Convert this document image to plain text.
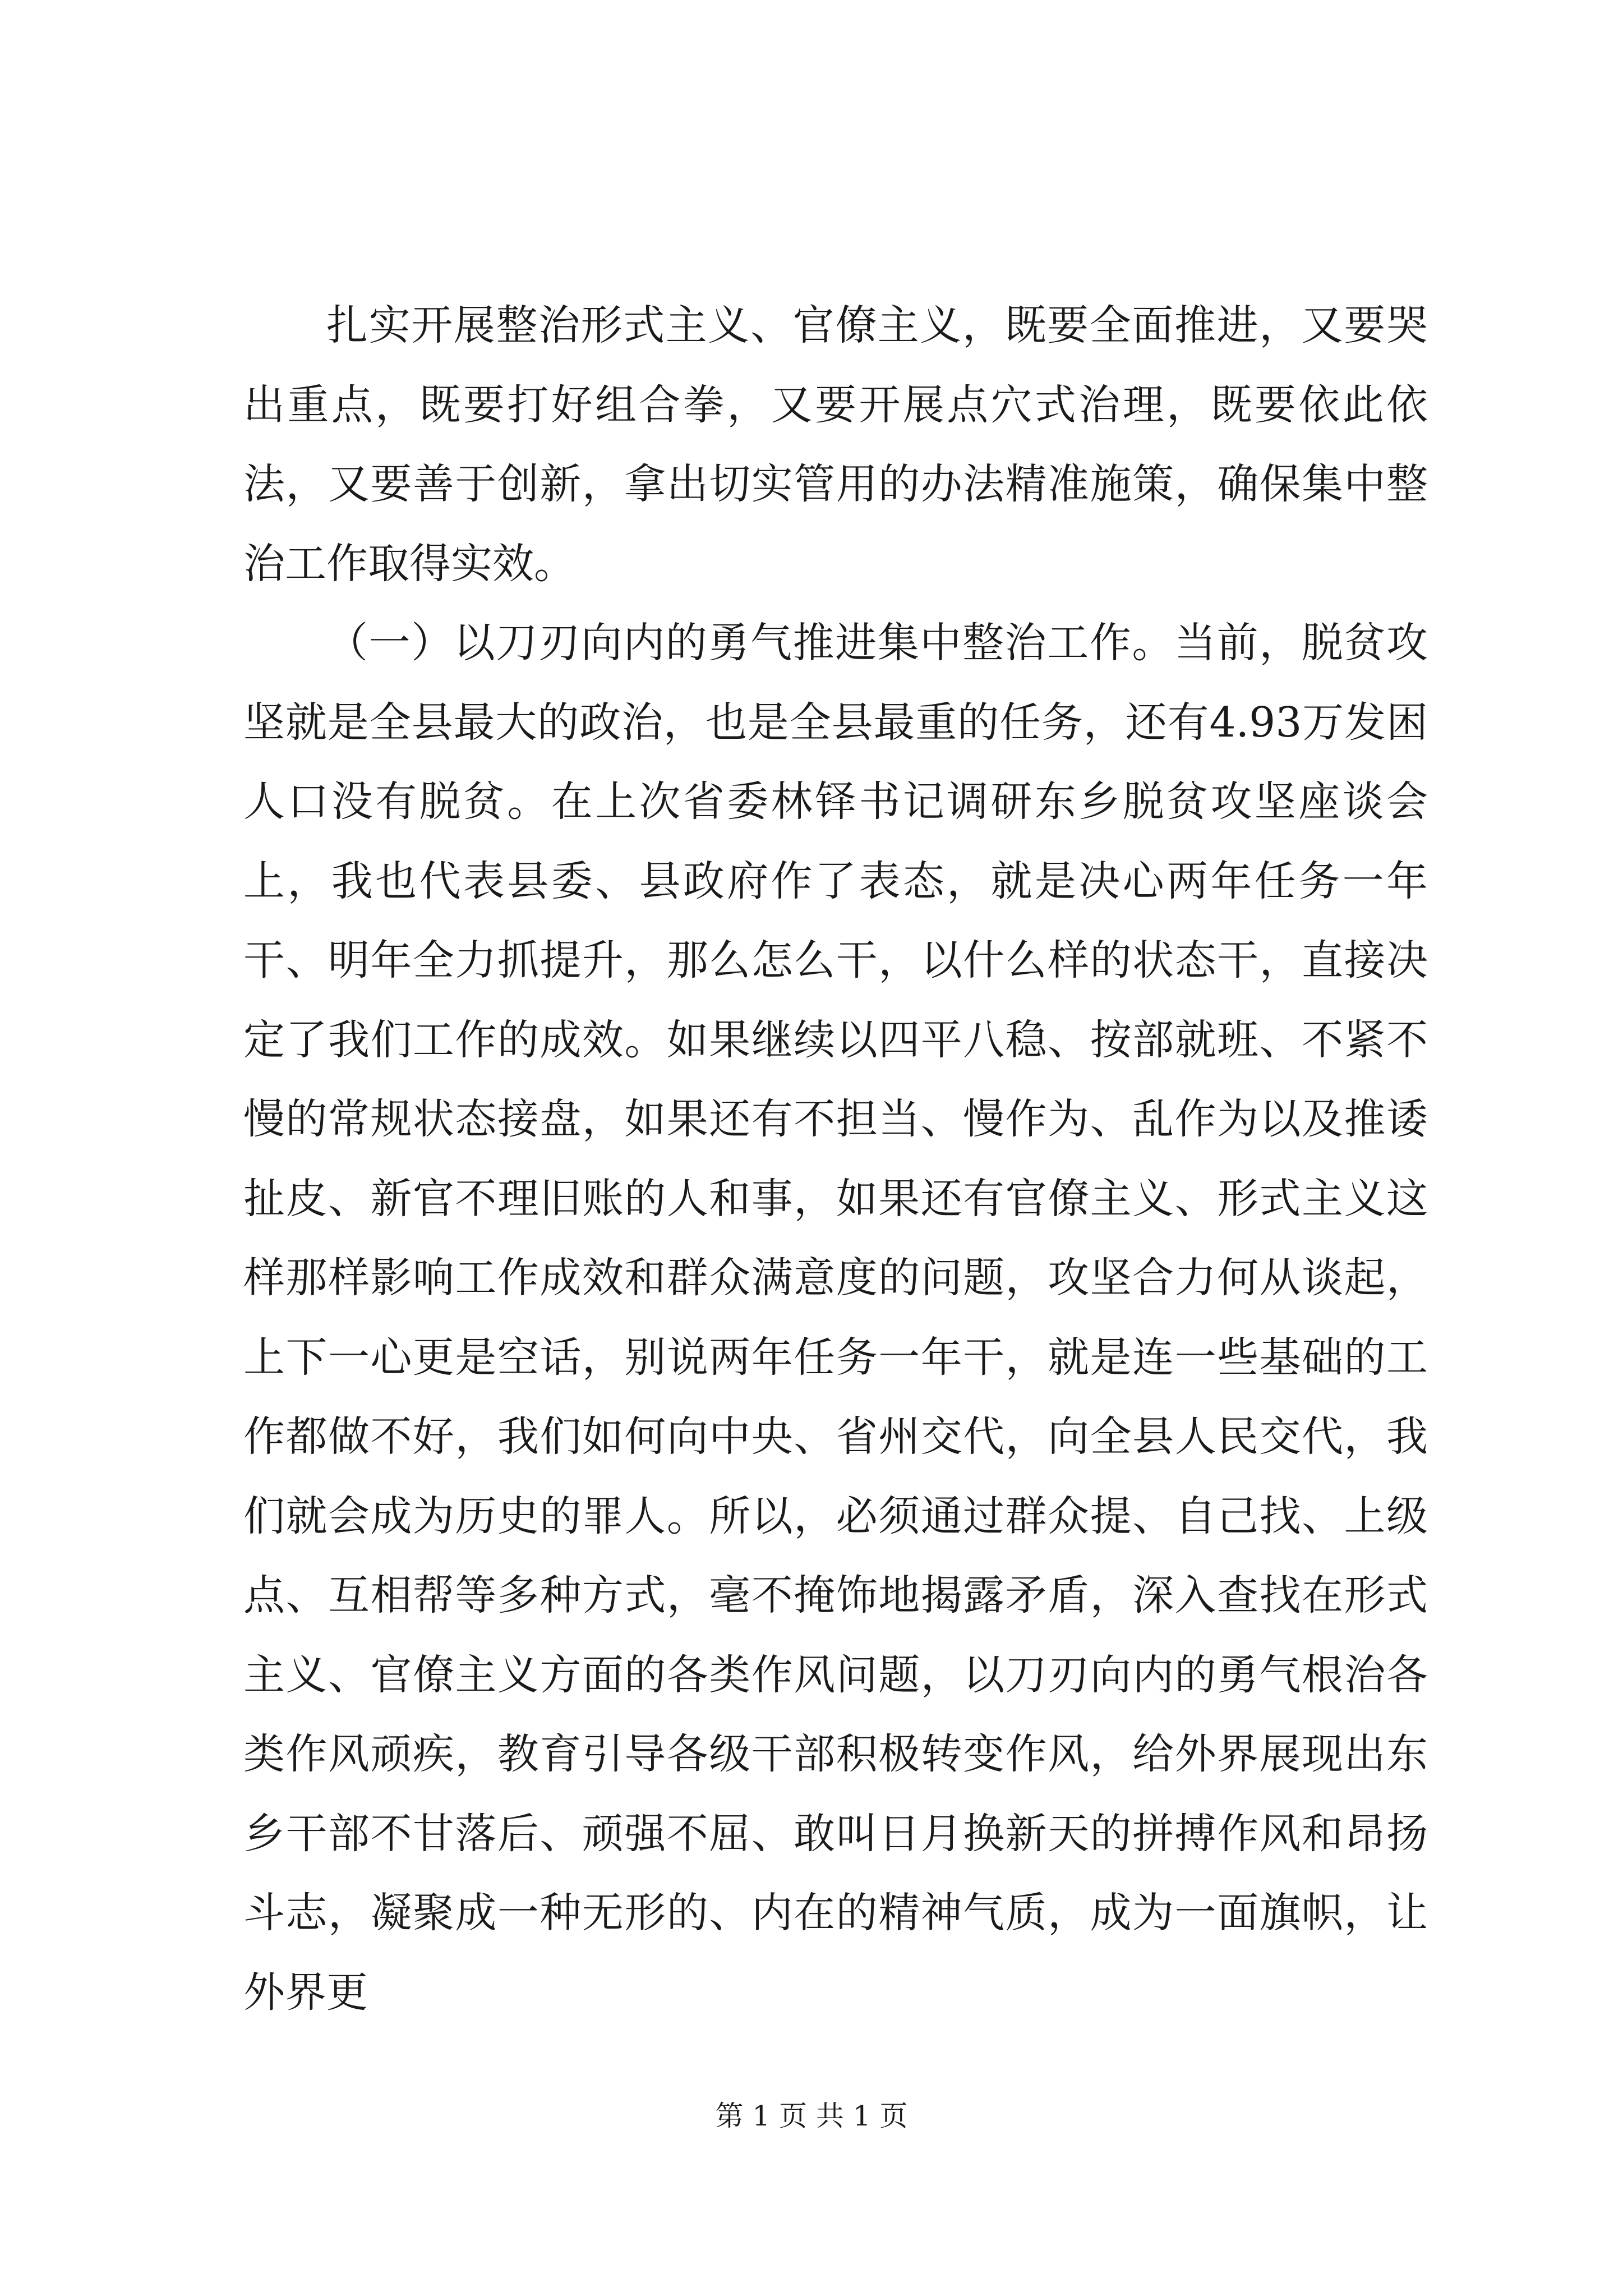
扎实开展整治形式主义、官僚主义，既要全面推进，又要哭出重点，既要打好组合拳，又要开展点穴式治理，既要依此依法，又要善于创新，拿出切实管用的办法精准施策，确保集中整治工作取得实效。

（一）以刀刃向内的勇气推进集中整治工作。当前，脱贫攻坚就是全县最大的政治，也是全县最重的任务，还有4.93万发困人口没有脱贫。在上次省委林铎书记调研东乡脱贫攻坚座谈会上，我也代表县委、县政府作了表态，就是决心两年任务一年干、明年全力抓提升，那么怎么干，以什么样的状态干，直接决定了我们工作的成效。如果继续以四平八稳、按部就班、不紧不慢的常规状态接盘，如果还有不担当、慢作为、乱作为以及推诿扯皮、新官不理旧账的人和事，如果还有官僚主义、形式主义这样那样影响工作成效和群众满意度的问题，攻坚合力何从谈起，上下一心更是空话，别说两年任务一年干，就是连一些基础的工作都做不好，我们如何向中央、省州交代，向全县人民交代，我们就会成为历史的罪人。所以，必须通过群众提、自己找、上级点、互相帮等多种方式，毫不掩饰地揭露矛盾，深入查找在形式主义、官僚主义方面的各类作风问题，以刀刃向内的勇气根治各类作风顽疾，教育引导各级干部积极转变作风，给外界展现出东乡干部不甘落后、顽强不屈、敢叫日月换新天的拼搏作风和昂扬斗志，凝聚成一种无形的、内在的精神气质，成为一面旗帜，让外界更

第 1 页 共 1 页
